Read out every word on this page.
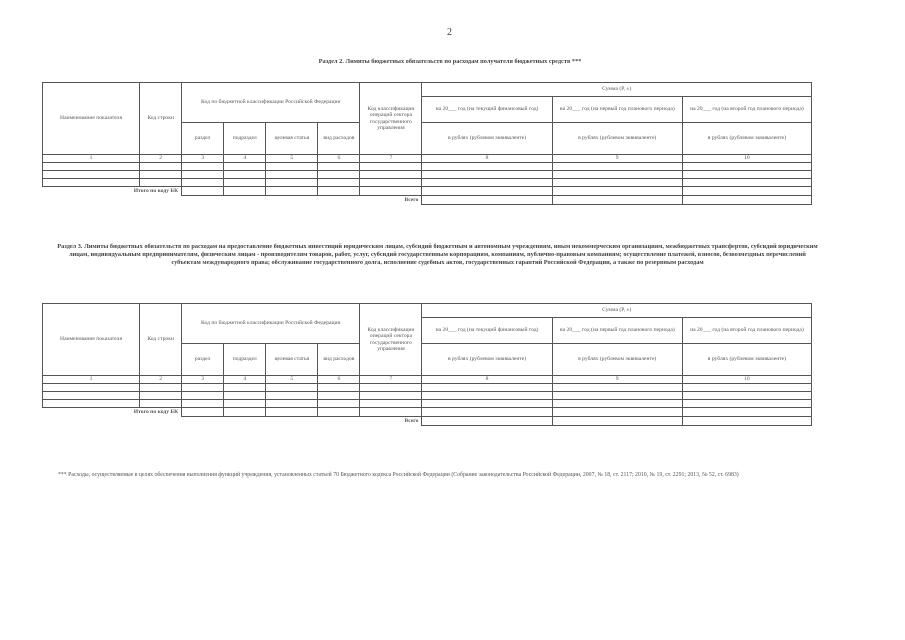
2
Раздел 2. Лимиты бюджетных обязательств по расходам получателя бюджетных средств ***
Наименование показателя	Код строки	Код по бюджетной классификации Российской Федерации				Код классификации операций сектора государственного управления	Сумма (Р, ±)		
							на 20___ год (на текущий финансовый год)	на 20___ год (на первый год планового периода)	на 20___ год (на второй год планового периода)
		раздел	подраздел	целевая статья	вид расходов		в рублях (рублевом эквиваленте)	в рублях (рублевом эквиваленте)	в рублях (рублевом эквиваленте)
1	2	3	4	5	6	7	8	9	10

Итого по коду БК									
						Всего			
Раздел 3. Лимиты бюджетных обязательств по расходам на предоставление бюджетных инвестиций юридическим лицам, субсидий бюджетным и автономным учреждениям, иным некоммерческим организациям, межбюджетных трансфертов, субсидий юридическим лицам, индивидуальным предпринимателям, физическим лицам - производителям товаров, работ, услуг, субсидий государственным корпорациям, компаниям, публично-правовым компаниям; осуществление платежей, взносов, безвозмездных перечислений субъектам международного права; обслуживание государственного долга, исполнение судебных актов, государственных гарантий Российской Федерации, а также по резервным расходам
Наименование показателя	Код строки	Код по бюджетной классификации Российской Федерации				Код классификации операций сектора государственного управления	Сумма (Р, ±)		
							на 20___ год (на текущий финансовый год)	на 20___ год (на первый год планового периода)	на 20___ год (на второй год планового периода)
		раздел	подраздел	целевая статья	вид расходов		в рублях (рублевом эквиваленте)	в рублях (рублевом эквиваленте)	в рублях (рублевом эквиваленте)
1	2	3	4	5	6	7	8	9	10

Итого по коду БК									
						Всего			
*** Расходы, осуществляемые в целях обеспечения выполнения функций учреждения, установленных статьей 70 Бюджетного кодекса Российской Федерации (Собрание законодательства Российской Федерации, 2007, № 18, ст. 2117; 2010, № 19, ст. 2291; 2013, № 52, ст. 6983)
